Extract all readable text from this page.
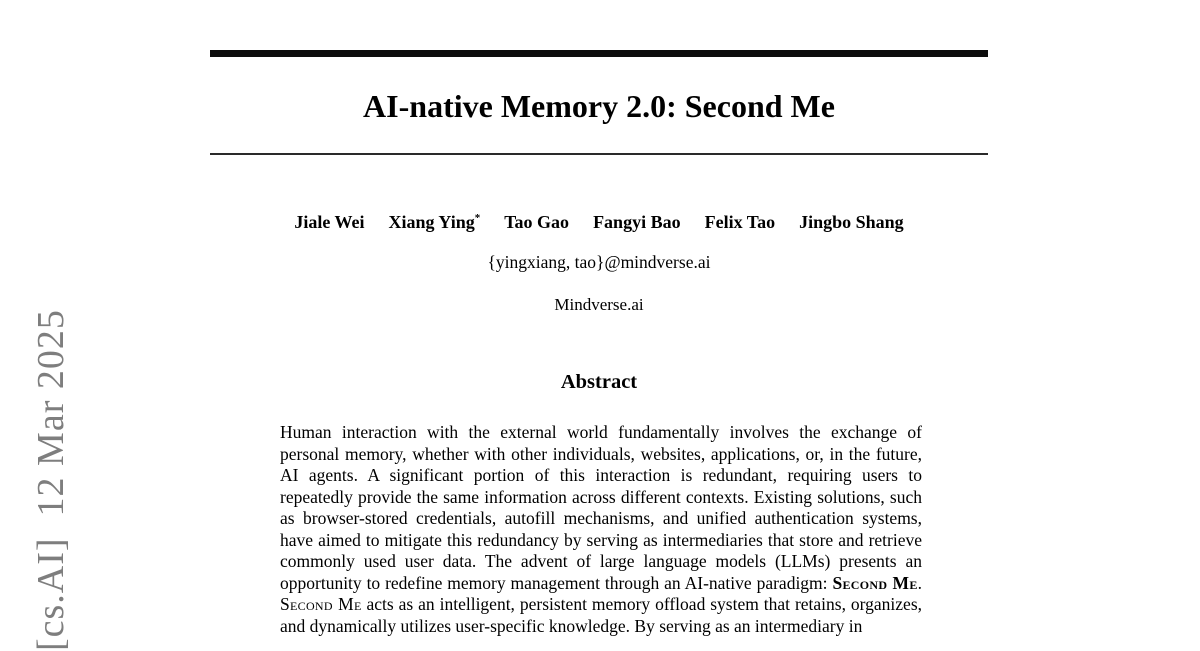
[cs.AI]  12 Mar 2025
AI-native Memory 2.0: Second Me
Jiale Wei Xiang Ying* Tao Gao Fangyi Bao Felix Tao Jingbo Shang
{yingxiang, tao}@mindverse.ai
Mindverse.ai
Abstract

Human interaction with the external world fundamentally involves the exchange of personal memory, whether with other individuals, websites, applications, or, in the future, AI agents. A significant portion of this interaction is redundant, requiring users to repeatedly provide the same information across different contexts. Existing solutions, such as browser-stored credentials, autofill mechanisms, and unified authentication systems, have aimed to mitigate this redundancy by serving as intermediaries that store and retrieve commonly used user data. The advent of large language models (LLMs) presents an opportunity to redefine memory management through an AI-native paradigm: Second Me. Second Me acts as an intelligent, persistent memory offload system that retains, organizes, and dynamically utilizes user-specific knowledge. By serving as an intermediary in
